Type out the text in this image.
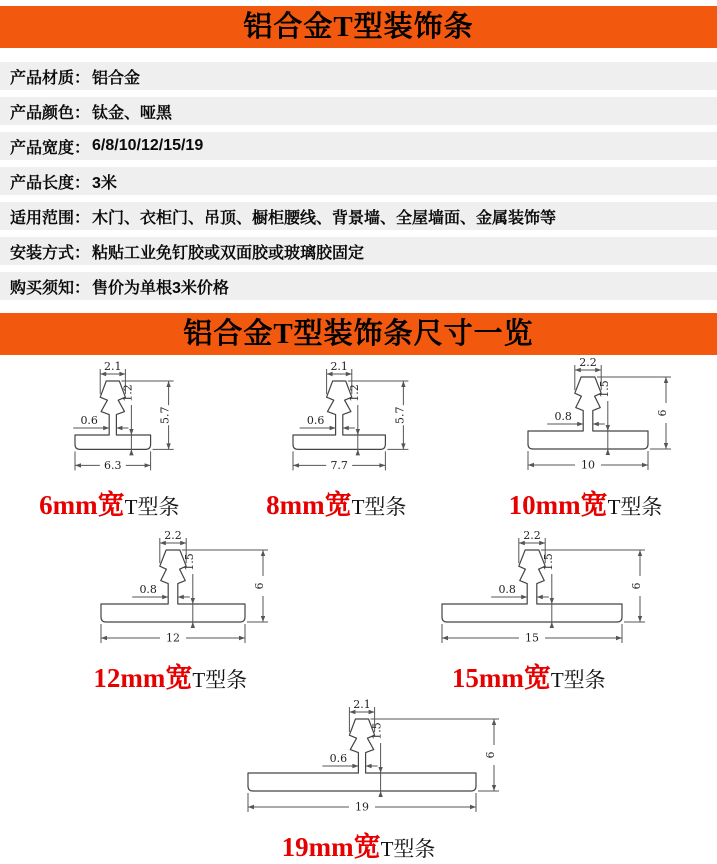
铝合金T型装饰条
产品材质： 铝合金
产品颜色： 钛金、哑黑
产品宽度： 6/8/10/12/15/19
产品长度： 3米
适用范围： 木门、衣柜门、吊顶、橱柜腰线、背景墙、全屋墙面、金属装饰等
安装方式： 粘贴工业免钉胶或双面胶或玻璃胶固定
购买须知： 售价为单根3米价格
铝合金T型装饰条尺寸一览
2.1
0.6
1.2
5.7
6.3
6mm宽T型条
2.1
0.6
1.2
5.7
7.7
8mm宽T型条
2.2
0.8
1.5
6
10
10mm宽T型条
2.2
0.8
1.5
6
12
12mm宽T型条
2.2
0.8
1.5
6
15
15mm宽T型条
2.1
0.6
1.5
6
19
19mm宽T型条
